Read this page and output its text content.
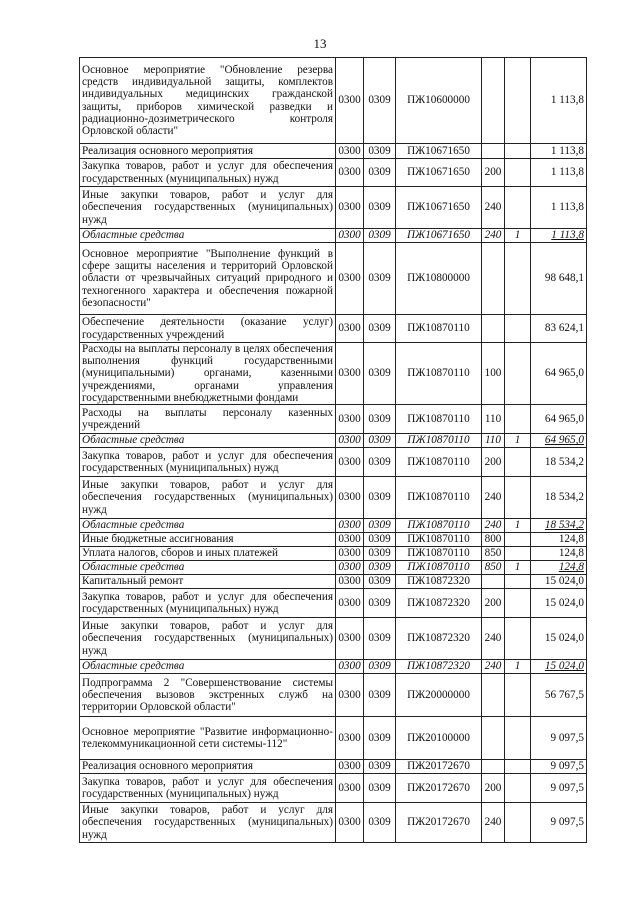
13
Основное мероприятие "Обновление резерва средств индивидуальной защиты, комплектов индивидуальных медицинских гражданской защиты, приборов химической разведки и радиационно-дозиметрического контроля Орловской области"	0300	0309	ПЖ10600000			1 113,8
Реализация основного мероприятия	0300	0309	ПЖ10671650			1 113,8
Закупка товаров, работ и услуг для обеспечения государственных (муниципальных) нужд	0300	0309	ПЖ10671650	200		1 113,8
Иные закупки товаров, работ и услуг для обеспечения государственных (муниципальных) нужд	0300	0309	ПЖ10671650	240		1 113,8
Областные средства	0300	0309	ПЖ10671650	240	1	1 113,8
Основное мероприятие "Выполнение функций в сфере защиты населения и территорий Орловской области от чрезвычайных ситуаций природного и техногенного характера и обеспечения пожарной безопасности"	0300	0309	ПЖ10800000			98 648,1
Обеспечение деятельности (оказание услуг) государственных учреждений	0300	0309	ПЖ10870110			83 624,1
Расходы на выплаты персоналу в целях обеспечения выполнения функций государственными (муниципальными) органами, казенными учреждениями, органами управления государственными внебюджетными фондами	0300	0309	ПЖ10870110	100		64 965,0
Расходы на выплаты персоналу казенных учреждений	0300	0309	ПЖ10870110	110		64 965,0
Областные средства	0300	0309	ПЖ10870110	110	1	64 965,0
Закупка товаров, работ и услуг для обеспечения государственных (муниципальных) нужд	0300	0309	ПЖ10870110	200		18 534,2
Иные закупки товаров, работ и услуг для обеспечения государственных (муниципальных) нужд	0300	0309	ПЖ10870110	240		18 534,2
Областные средства	0300	0309	ПЖ10870110	240	1	18 534,2
Иные бюджетные ассигнования	0300	0309	ПЖ10870110	800		124,8
Уплата налогов, сборов и иных платежей	0300	0309	ПЖ10870110	850		124,8
Областные средства	0300	0309	ПЖ10870110	850	1	124,8
Капитальный ремонт	0300	0309	ПЖ10872320			15 024,0
Закупка товаров, работ и услуг для обеспечения государственных (муниципальных) нужд	0300	0309	ПЖ10872320	200		15 024,0
Иные закупки товаров, работ и услуг для обеспечения государственных (муниципальных) нужд	0300	0309	ПЖ10872320	240		15 024,0
Областные средства	0300	0309	ПЖ10872320	240	1	15 024,0
Подпрограмма 2 "Совершенствование системы обеспечения вызовов экстренных служб на территории Орловской области"	0300	0309	ПЖ20000000			56 767,5
Основное мероприятие "Развитие информационно-телекоммуникационной сети системы-112"	0300	0309	ПЖ20100000			9 097,5
Реализация основного мероприятия	0300	0309	ПЖ20172670			9 097,5
Закупка товаров, работ и услуг для обеспечения государственных (муниципальных) нужд	0300	0309	ПЖ20172670	200		9 097,5
Иные закупки товаров, работ и услуг для обеспечения государственных (муниципальных) нужд	0300	0309	ПЖ20172670	240		9 097,5
